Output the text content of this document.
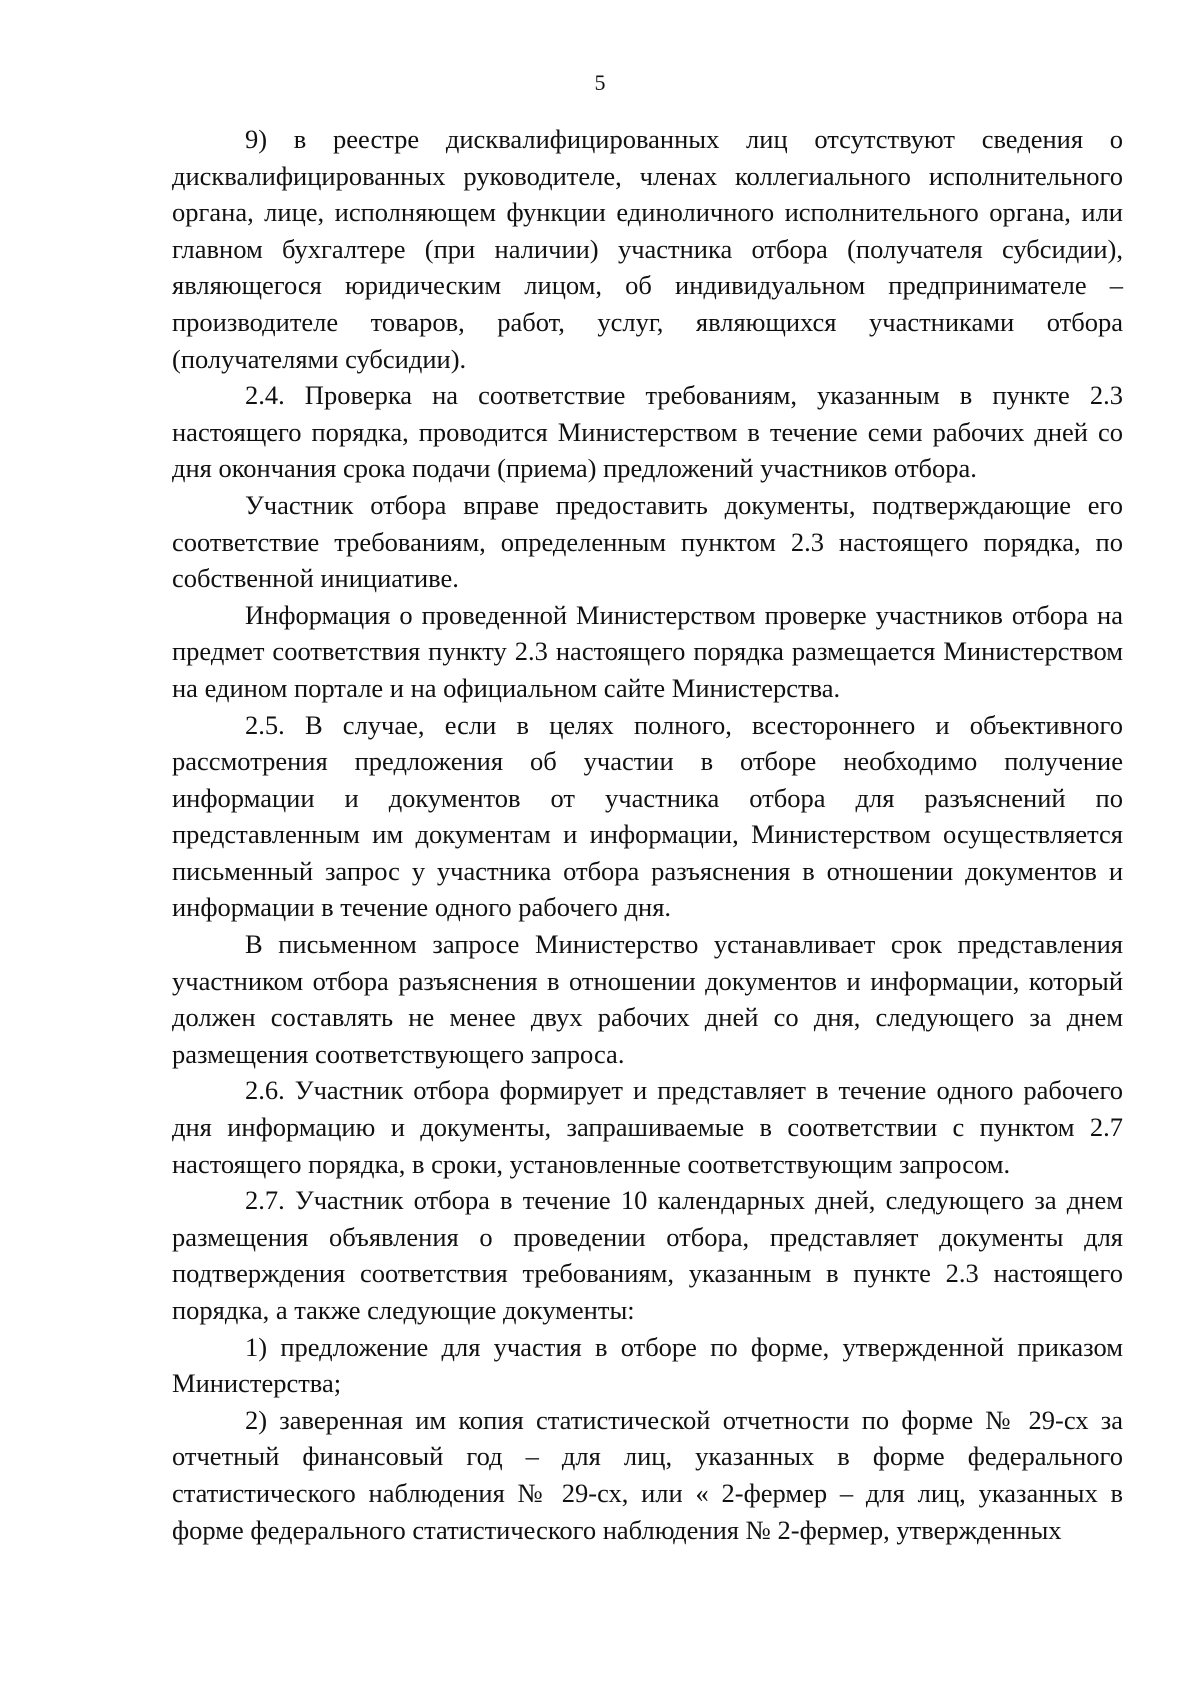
5

9) в реестре дисквалифицированных лиц отсутствуют сведения о дисквалифицированных руководителе, членах коллегиального исполнительного органа, лице, исполняющем функции единоличного исполнительного органа, или главном бухгалтере (при наличии) участника отбора (получателя субсидии), являющегося юридическим лицом, об индивидуальном предпринимателе – производителе товаров, работ, услуг, являющихся участниками отбора (получателями субсидии).

2.4. Проверка на соответствие требованиям, указанным в пункте 2.3 настоящего порядка, проводится Министерством в течение семи рабочих дней со дня окончания срока подачи (приема) предложений участников отбора.

Участник отбора вправе предоставить документы, подтверждающие его соответствие требованиям, определенным пунктом 2.3 настоящего порядка, по собственной инициативе.

Информация о проведенной Министерством проверке участников отбора на предмет соответствия пункту 2.3 настоящего порядка размещается Министерством на едином портале и на официальном сайте Министерства.

2.5. В случае, если в целях полного, всестороннего и объективного рассмотрения предложения об участии в отборе необходимо получение информации и документов от участника отбора для разъяснений по представленным им документам и информации, Министерством осуществляется письменный запрос у участника отбора разъяснения в отношении документов и информации в течение одного рабочего дня.

В письменном запросе Министерство устанавливает срок представления участником отбора разъяснения в отношении документов и информации, который должен составлять не менее двух рабочих дней со дня, следующего за днем размещения соответствующего запроса.

2.6. Участник отбора формирует и представляет в течение одного рабочего дня информацию и документы, запрашиваемые в соответствии с пунктом 2.7 настоящего порядка, в сроки, установленные соответствующим запросом.

2.7. Участник отбора в течение 10 календарных дней, следующего за днем размещения объявления о проведении отбора, представляет документы для подтверждения соответствия требованиям, указанным в пункте 2.3 настоящего порядка, а также следующие документы:

1) предложение для участия в отборе по форме, утвержденной приказом Министерства;

2) заверенная им копия статистической отчетности по форме № 29-сх за отчетный финансовый год – для лиц, указанных в форме федерального статистического наблюдения № 29-сх, или « 2-фермер – для лиц, указанных в форме федерального статистического наблюдения № 2-фермер, утвержденных
